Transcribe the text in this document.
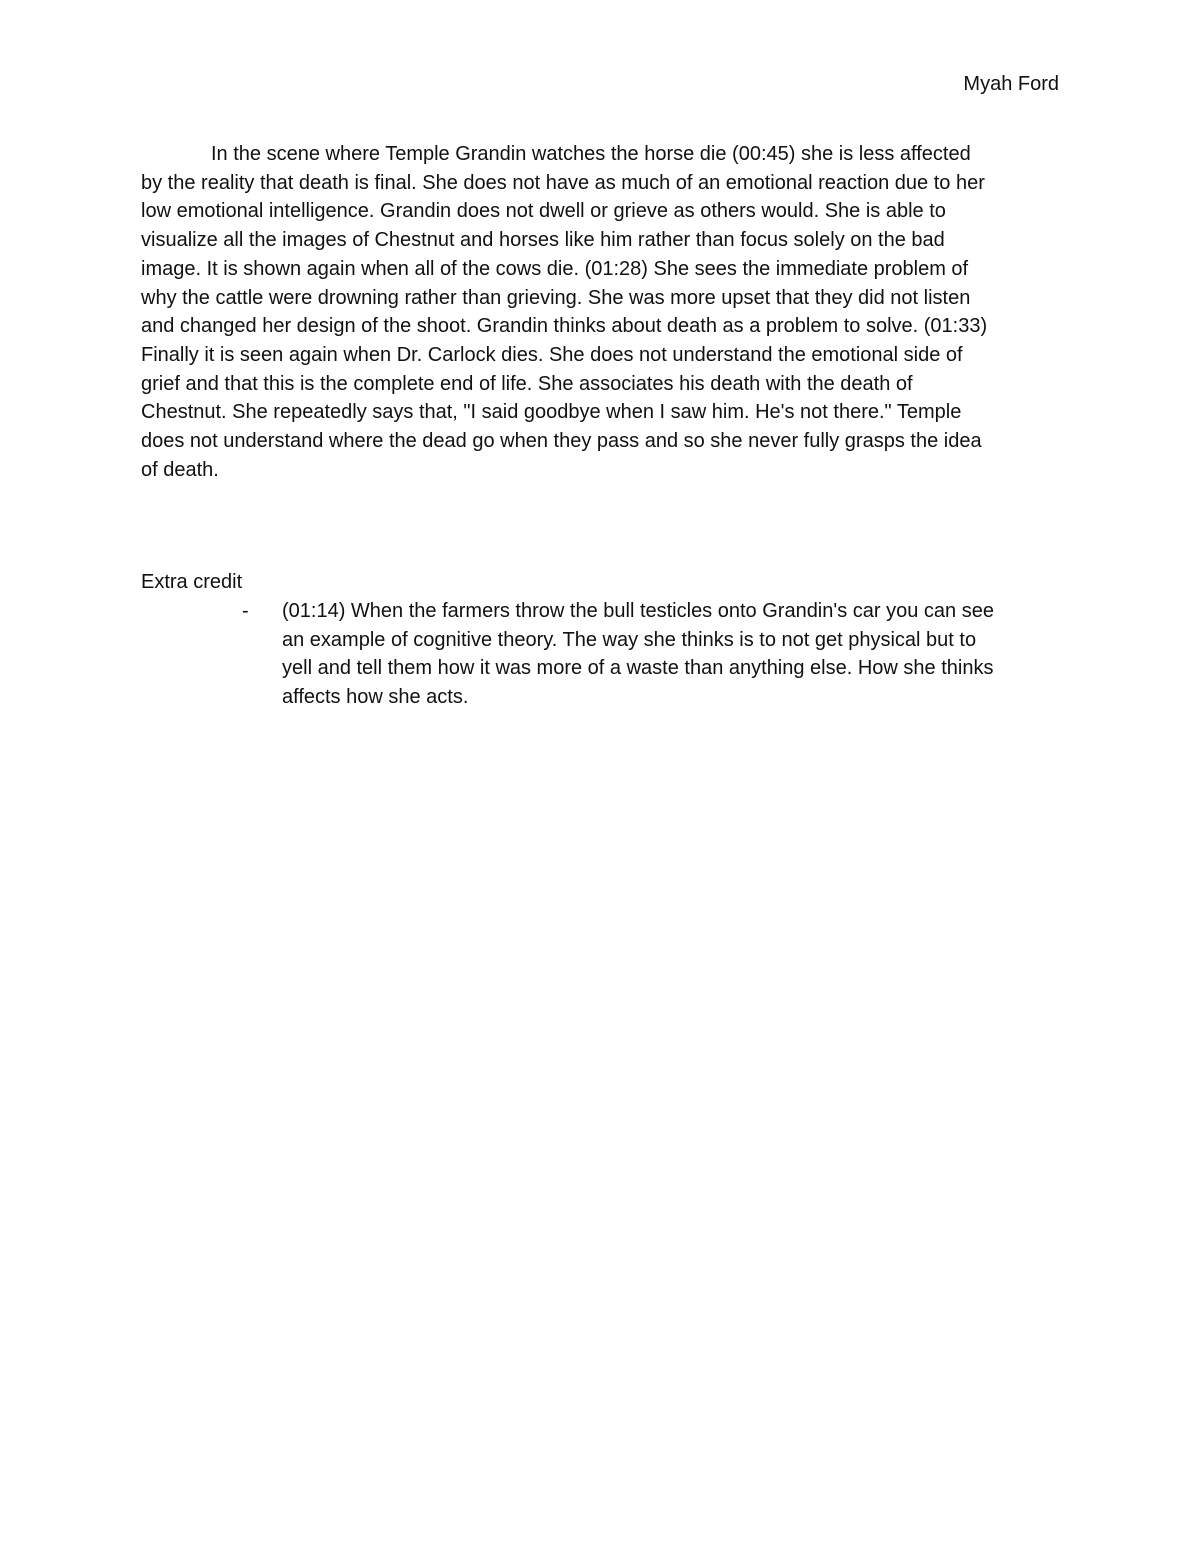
Myah Ford
In the scene where Temple Grandin watches the horse die (00:45) she is less affected
by the reality that death is final. She does not have as much of an emotional reaction due to her
low emotional intelligence. Grandin does not dwell or grieve as others would. She is able to
visualize all the images of Chestnut and horses like him rather than focus solely on the bad
image. It is shown again when all of the cows die. (01:28) She sees the immediate problem of
why the cattle were drowning rather than grieving. She was more upset that they did not listen
and changed her design of the shoot. Grandin thinks about death as a problem to solve. (01:33)
Finally it is seen again when Dr. Carlock dies. She does not understand the emotional side of
grief and that this is the complete end of life. She associates his death with the death of
Chestnut. She repeatedly says that, "I said goodbye when I saw him. He's not there." Temple
does not understand where the dead go when they pass and so she never fully grasps the idea
of death.
Extra credit
- (01:14) When the farmers throw the bull testicles onto Grandin's car you can see
an example of cognitive theory. The way she thinks is to not get physical but to
yell and tell them how it was more of a waste than anything else. How she thinks
affects how she acts.
